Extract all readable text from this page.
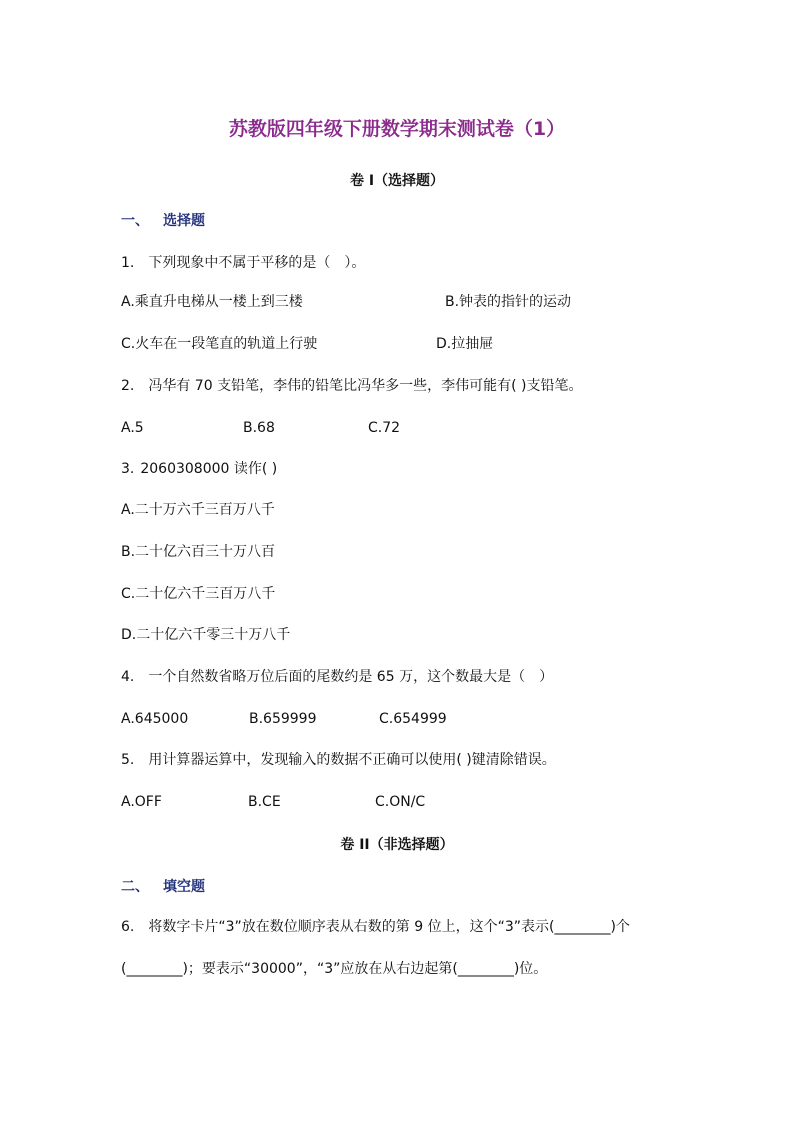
苏教版四年级下册数学期末测试卷（1）
卷 I（选择题）
一、 选择题
1. 下列现象中不属于平移的是（　）。
A.乘直升电梯从一楼上到三楼	B.钟表的指针的运动
C.火车在一段笔直的轨道上行驶	D.拉抽屉
2. 冯华有 70 支铅笔，李伟的铅笔比冯华多一些，李伟可能有( )支铅笔。
A.5	B.68	C.72
3. 2060308000 读作( )
A.二十万六千三百万八千
B.二十亿六百三十万八百
C.二十亿六千三百万八千
D.二十亿六千零三十万八千
4. 一个自然数省略万位后面的尾数约是 65 万，这个数最大是（　）
A.645000	B.659999	C.654999
5. 用计算器运算中，发现输入的数据不正确可以使用( )键清除错误。
A.OFF	B.CE	C.ON/C
卷 II（非选择题）
二、 填空题
6. 将数字卡片“3”放在数位顺序表从右数的第 9 位上，这个“3”表示(________)个
(________)；要表示“30000”，“3”应放在从右边起第(________)位。
